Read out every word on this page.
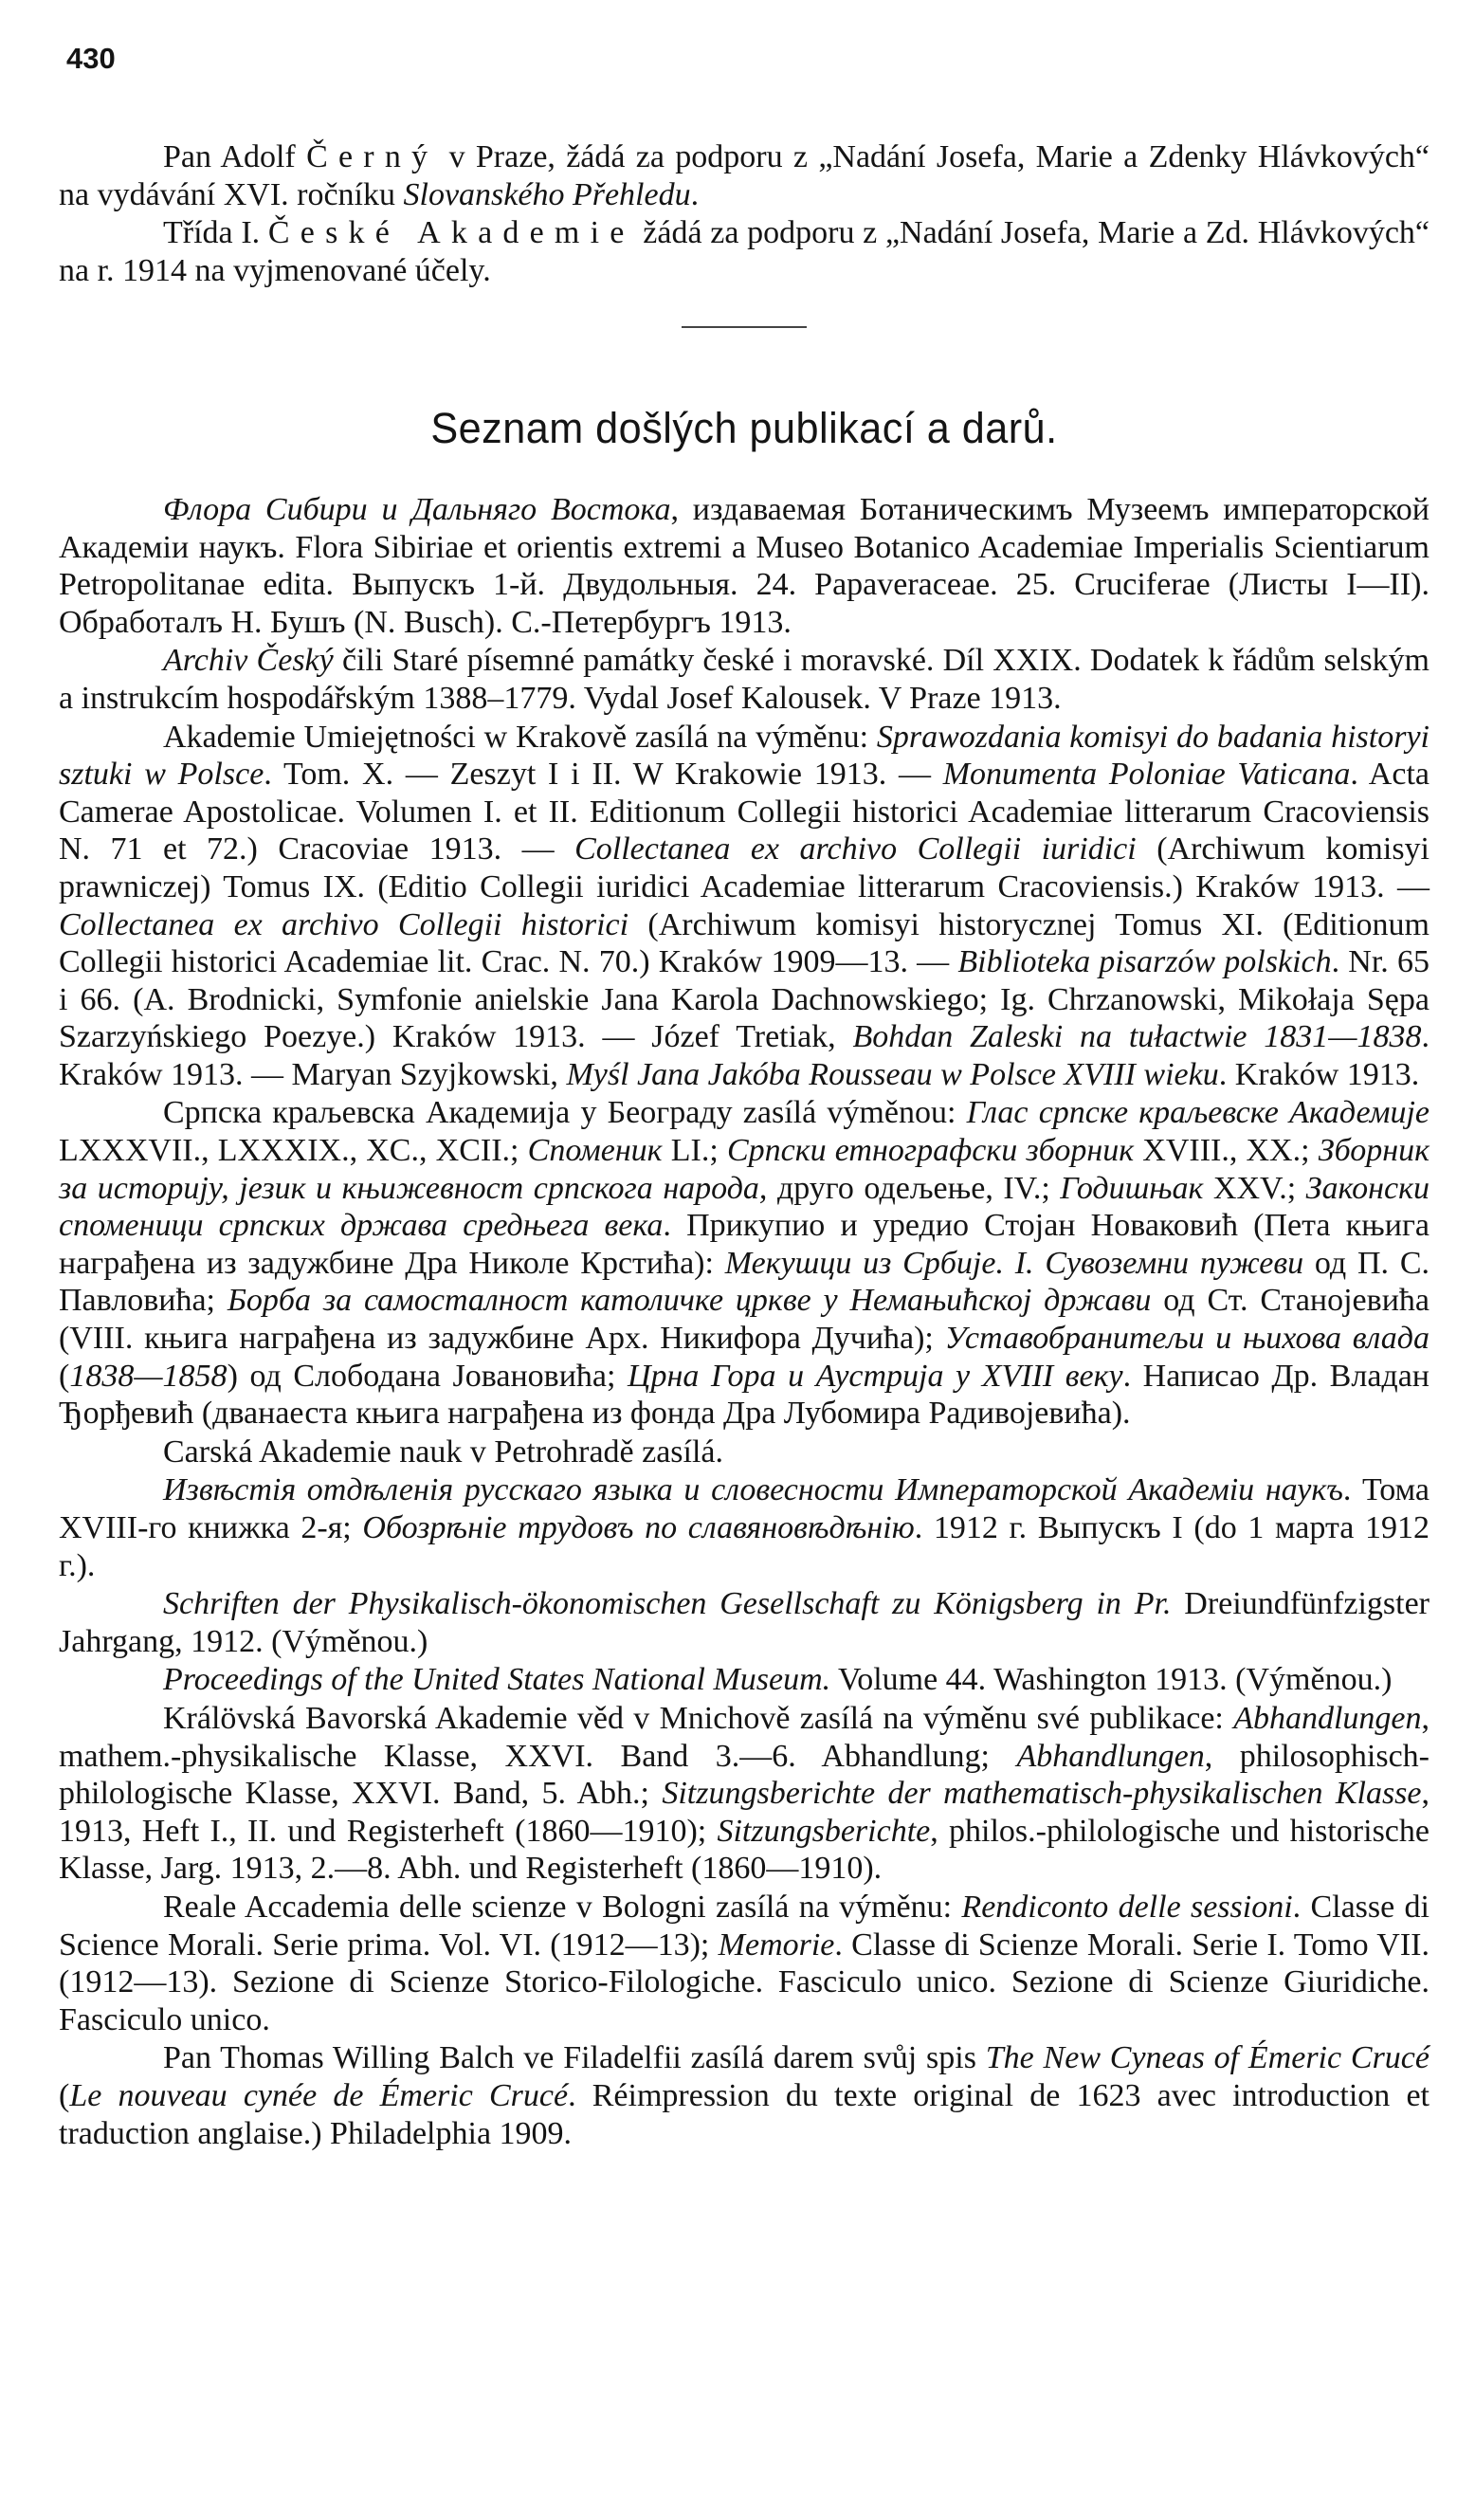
430

Pan Adolf Černý v Praze, žádá za podporu z „Nadání Josefa, Marie a Zdenky Hlávkových“ na vydávání XVI. ročníku Slovanského Přehledu.

Třída I. České Akademie žádá za podporu z „Nadání Josefa, Marie a Zd. Hlávkových“ na r. 1914 na vyjmenované účely.

Seznam došlých publikací a darů.

Флора Сибири и Дальняго Востока, издаваемая Ботаническимъ Музеемъ императорской Академiи наукъ. Flora Sibiriae et orientis extremi a Museo Botanico Academiae Imperialis Scientiarum Petropolitanae edita. Выпускъ 1-й. Двудольныя. 24. Papaveraceae. 25. Cruciferae (Листы I—II). Обработалъ Н. Бушъ (N. Busch). С.-Петербургъ 1913.

Archiv Český čili Staré písemné památky české i moravské. Díl XXIX. Dodatek k řádům selským a instrukcím hospodářským 1388–1779. Vydal Josef Kalousek. V Praze 1913.

Akademie Umiejętności w Krakově zasílá na výměnu: Sprawozdania komisyi do badania historyi sztuki w Polsce. Tom. X. — Zeszyt I i II. W Krakowie 1913. — Monumenta Poloniae Vaticana. Acta Camerae Apostolicae. Volumen I. et II. Editionum Collegii historici Academiae litterarum Cracoviensis N. 71 et 72.) Cracoviae 1913. — Collectanea ex archivo Collegii iuridici (Archiwum komisyi prawniczej) Tomus IX. (Editio Collegii iuridici Academiae litterarum Cracoviensis.) Kraków 1913. — Collectanea ex archivo Collegii historici (Archiwum komisyi historycznej Tomus XI. (Editionum Collegii historici Academiae lit. Crac. N. 70.) Kraków 1909—13. — Biblioteka pisarzów polskich. Nr. 65 i 66. (A. Brodnicki, Symfonie anielskie Jana Karola Dachnowskiego; Ig. Chrzanowski, Mikołaja Sępa Szarzyńskiego Poezye.) Kraków 1913. — Józef Tretiak, Bohdan Zaleski na tułactwie 1831—1838. Kraków 1913. — Maryan Szyjkowski, Myśl Jana Jakóba Rousseau w Polsce XVIII wieku. Kraków 1913.

Српска краљевска Академија у Београду zasílá výměnou: Глас српске краљевске Академије LXXXVII., LXXXIX., XC., XCII.; Споменик LI.; Српски етнографски зборник XVIII., XX.; Зборник за историју, језик и књижевност српскога народа, друго одељење, IV.; Годишњак XXV.; Законски споменици српских држава средњега века. Прикупио и уредио Стојан Новаковић (Пета књига награђена из задужбине Дра Николе Крстића): Мекушци из Србије. I. Сувоземни пужеви од П. С. Павловића; Борба за самосталност католичке цркве у Немањићској држави од Ст. Станојевића (VIII. књига награђена из задужбине Арх. Никифора Дучића); Уставобранитељи и њихова влада (1838—1858) од Слободана Јовановића; Црна Гора и Аустрија у XVIII веку. Написао Др. Владан Ђорђевић (дванаеста књига награђена из фонда Дра Лубомира Радивојевића).

Carská Akademie nauk v Petrohradě zasílá.

Извѣстiя отдѣленiя русскаго языка и словесности Императорской Академiи наукъ. Тома XVIII-го книжка 2-я; Обозрѣнiе трудовъ по славяновѣдѣнiю. 1912 г. Выпускъ I (do 1 марта 1912 г.).

Schriften der Physikalisch-ökonomischen Gesellschaft zu Königsberg in Pr. Dreiundfünfzigster Jahrgang, 1912. (Výměnou.)

Proceedings of the United States National Museum. Volume 44. Washington 1913. (Výměnou.)

Králövská Bavorská Akademie věd v Mnichově zasílá na výměnu své publikace: Abhandlungen, mathem.-physikalische Klasse, XXVI. Band 3.—6. Abhandlung; Abhandlungen, philosophisch-philologische Klasse, XXVI. Band, 5. Abh.; Sitzungsberichte der mathematisch-physikalischen Klasse, 1913, Heft I., II. und Registerheft (1860—1910); Sitzungsberichte, philos.-philologische und historische Klasse, Jarg. 1913, 2.—8. Abh. und Registerheft (1860—1910).

Reale Accademia delle scienze v Bologni zasílá na výměnu: Rendiconto delle sessioni. Classe di Science Morali. Serie prima. Vol. VI. (1912—13); Memorie. Classe di Scienze Morali. Serie I. Tomo VII. (1912—13). Sezione di Scienze Storico-Filologiche. Fasciculo unico. Sezione di Scienze Giuridiche. Fasciculo unico.

Pan Thomas Willing Balch ve Filadelfii zasílá darem svůj spis The New Cyneas of Émeric Crucé (Le nouveau cynée de Émeric Crucé. Réimpression du texte original de 1623 avec introduction et traduction anglaise.) Philadelphia 1909.
